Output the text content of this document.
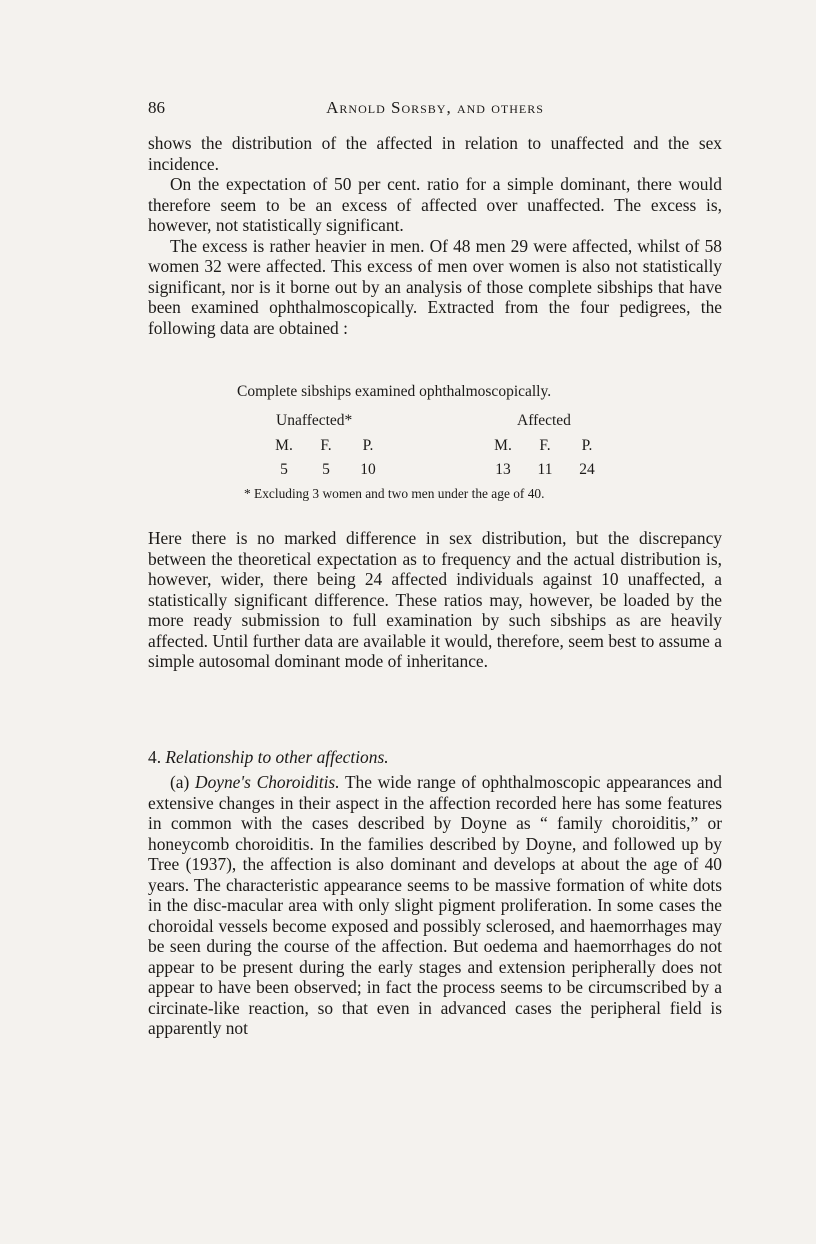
86	Arnold Sorsby, and others

shows the distribution of the affected in relation to unaffected and the sex incidence.

On the expectation of 50 per cent. ratio for a simple dominant, there would therefore seem to be an excess of affected over unaffected. The excess is, however, not statistically significant.

The excess is rather heavier in men. Of 48 men 29 were affected, whilst of 58 women 32 were affected. This excess of men over women is also not statistically significant, nor is it borne out by an analysis of those complete sibships that have been examined ophthalmoscopically. Extracted from the four pedigrees, the following data are obtained :

Complete sibships examined ophthalmoscopically.
Unaffected*	Affected
M.	F.	P.	M.	F.	P.
5	5	10	13	11	24
* Excluding 3 women and two men under the age of 40.

Here there is no marked difference in sex distribution, but the discrepancy between the theoretical expectation as to frequency and the actual distribution is, however, wider, there being 24 affected individuals against 10 unaffected, a statistically significant difference. These ratios may, however, be loaded by the more ready submission to full examination by such sibships as are heavily affected. Until further data are available it would, therefore, seem best to assume a simple autosomal dominant mode of inheritance.

4. Relationship to other affections.

(a) Doyne's Choroiditis. The wide range of ophthalmoscopic appearances and extensive changes in their aspect in the affection recorded here has some features in common with the cases described by Doyne as “ family choroiditis,” or honeycomb choroiditis. In the families described by Doyne, and followed up by Tree (1937), the affection is also dominant and develops at about the age of 40 years. The characteristic appearance seems to be massive formation of white dots in the disc-macular area with only slight pigment proliferation. In some cases the choroidal vessels become exposed and possibly sclerosed, and haemorrhages may be seen during the course of the affection. But oedema and haemorrhages do not appear to be present during the early stages and extension peripherally does not appear to have been observed; in fact the process seems to be circumscribed by a circinate-like reaction, so that even in advanced cases the peripheral field is apparently not
